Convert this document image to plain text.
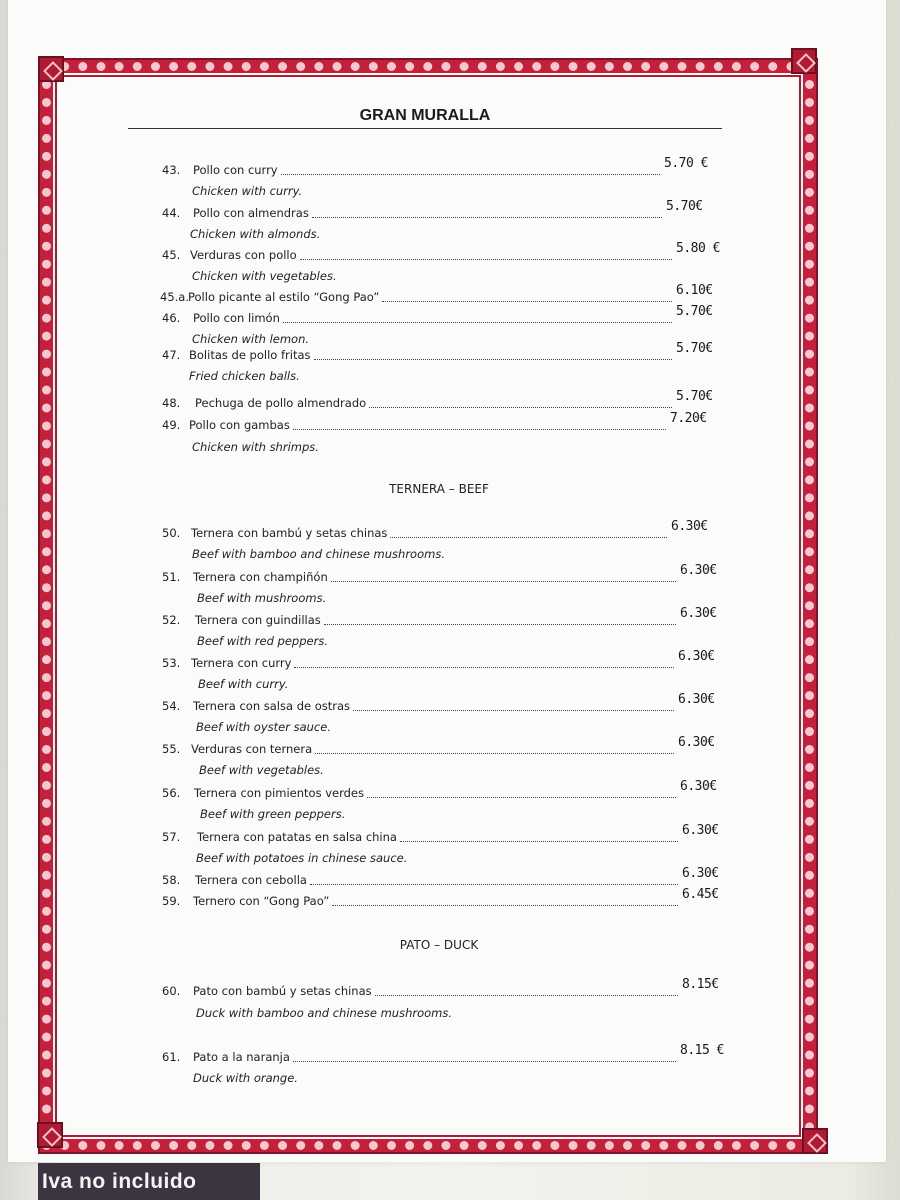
GRAN MURALLA
TERNERA – BEEF
PATO – DUCK
43. Pollo con curry	5.70 €
Chicken with curry.
44. Pollo con almendras	5.70€
Chicken with almonds.
45. Verduras con pollo	5.80 €
Chicken with vegetables.
45.a. Pollo picante al estilo “Gong Pao”	6.10€
46. Pollo con limón	5.70€
Chicken with lemon.
47. Bolitas de pollo fritas	5.70€
Fried chicken balls.
48. Pechuga de pollo almendrado	5.70€
49. Pollo con gambas	7.20€
Chicken with shrimps.
50. Ternera con bambú y setas chinas	6.30€
Beef with bamboo and chinese mushrooms.
51. Ternera con champiñón	6.30€
Beef with mushrooms.
52. Ternera con guindillas	6.30€
Beef with red peppers.
53. Ternera con curry	6.30€
Beef with curry.
54. Ternera con salsa de ostras	6.30€
Beef with oyster sauce.
55. Verduras con ternera	6.30€
Beef with vegetables.
56. Ternera con pimientos verdes	6.30€
Beef with green peppers.
57. Ternera con patatas en salsa china	6.30€
Beef with potatoes in chinese sauce.
58. Ternera con cebolla	6.30€
59. Ternero con “Gong Pao”	6.45€
60. Pato con bambú y setas chinas	8.15€
Duck with bamboo and chinese mushrooms.
61. Pato a la naranja	8.15 €
Duck with orange.
Iva no incluido
